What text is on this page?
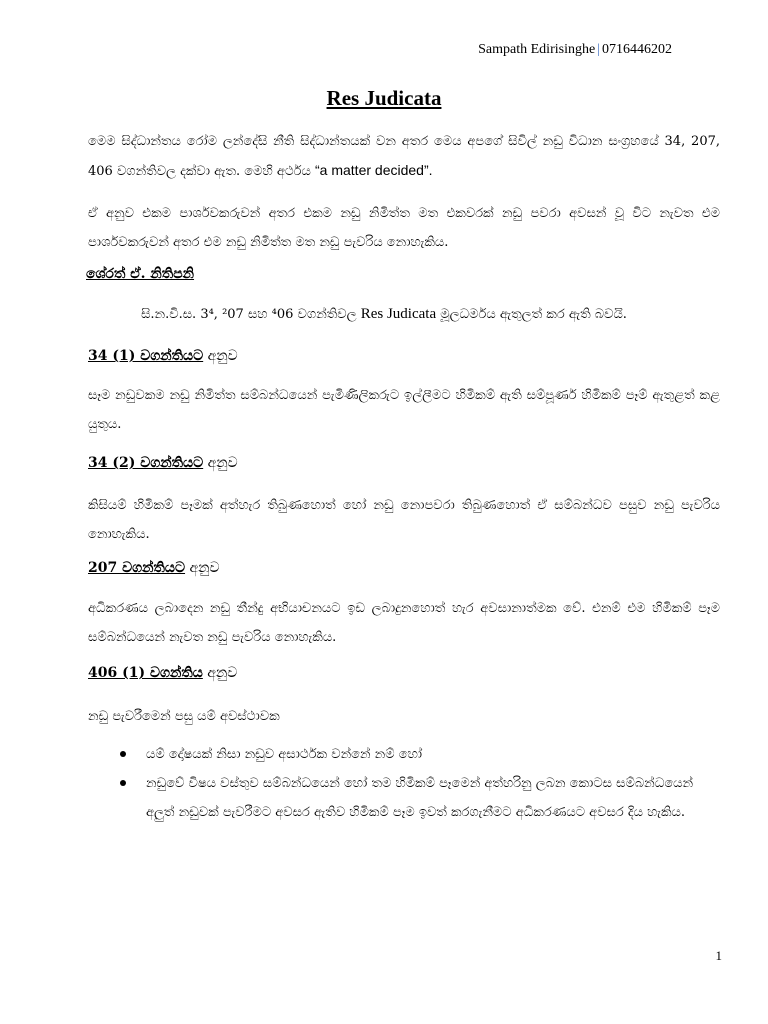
Sampath Edirisinghe | 0716446202
Res Judicata
මෙම සිද්ධාන්තය රෝම ලන්දේසි නීති සිද්ධාන්තයක් වන අතර මෙය අපගේ සිවිල් නඩු විධාන සංග්‍රහයේ 34, 207, 406 වගන්තිවල දක්වා ඇත. මෙහි අර්ථය “a matter decided”.
ඒ අනුව එකම පාර්ශවකරුවන් අතර එකම නඩු නිමිත්ත මත එකවරක් නඩු පවරා අවසන් වූ විට නැවත එම පාර්ශවකරුවන් අතර එම නඩු නිමිත්ත මත නඩු පැවරිය නොහැකිය.
ශේරත් ඒ. නිතිපනි
සි.න.වි.ස. 3⁴, ²07 සහ ⁴06 වගන්තිවල Res Judicata මූලධර්මය ඇතුලත් කර ඇති බවයි.
34 (1) වගන්තියට අනුව
සෑම නඩුවකම නඩු නිමිත්ත සම්බන්ධයෙන් පැමිණිලිකරුට ඉල්ලීමට හිමිකම් ඇති සම්පූර්ණ හිමිකම් පෑම් ඇතුළත් කළ යුතුය.
34 (2) වගන්තියට අනුව
කිසියම් හිමිකම් පෑමක් අත්හැර තිබුණහොත් හෝ නඩු නොපවරා තිබුණහොත් ඒ සම්බන්ධව පසුව නඩු පැවරිය නොහැකිය.
207 වගන්තියට අනුව
අධිකරණය ලබාදෙන නඩු තීන්දු අභියාචනයට ඉඩ ලබාදුනහොත් හැර අවසානාත්මක වේ. එනම් එම හිමිකම් පෑම සම්බන්ධයෙන් නැවත නඩු පැවරිය නොහැකිය.
406 (1) වගන්තිය අනුව
නඩු පැවරීමෙන් පසු යම් අවස්ථාවක
යම් දෝෂයක් නිසා නඩුව අසාර්ථක වන්නේ නම් හෝ
නඩුවේ විෂය වස්තුව සම්බන්ධයෙන් හෝ තම හිමිකම් පෑමෙන් අත්හරිනු ලබන කොටස සම්බන්ධයෙන් අලුත් නඩුවක් පැවරීමට අවසර ඇතිව හිමිකම් පෑම ඉවත් කරගැනීමට අධිකරණයට අවසර දිය හැකිය.
1
